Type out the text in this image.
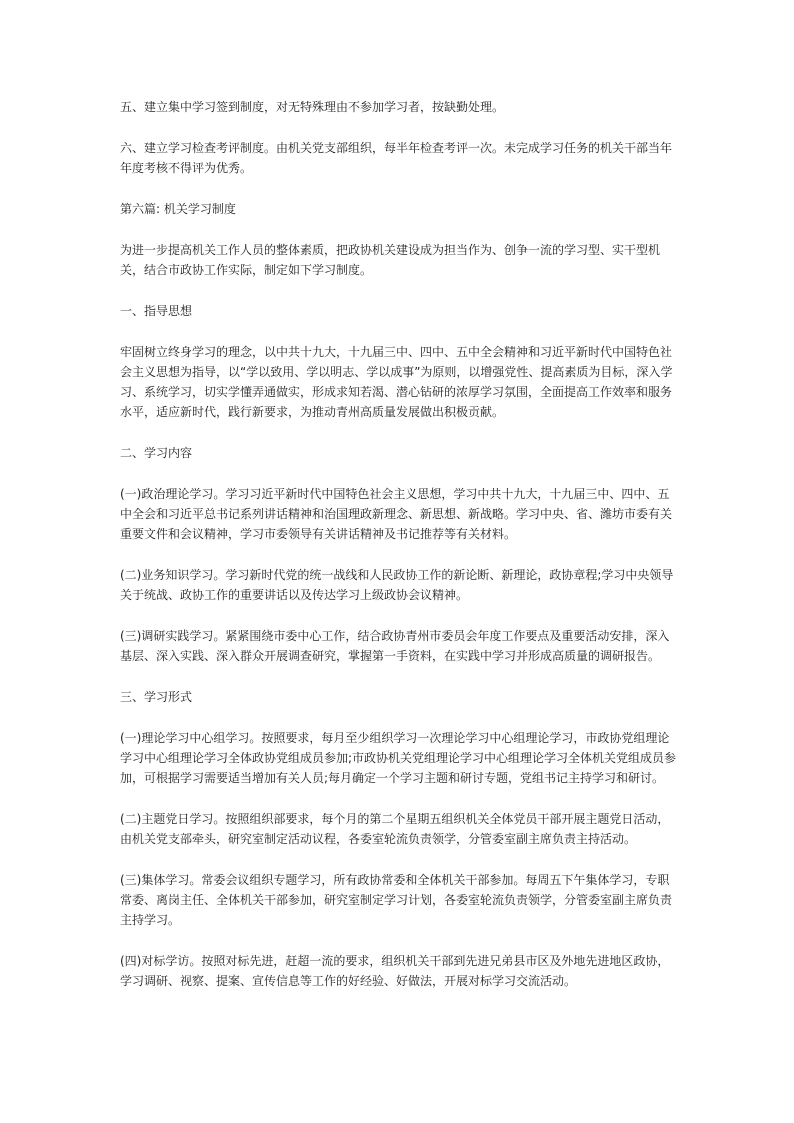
五、建立集中学习签到制度，对无特殊理由不参加学习者，按缺勤处理。

六、建立学习检查考评制度。由机关党支部组织，每半年检查考评一次。未完成学习任务的机关干部当年年度考核不得评为优秀。

第六篇: 机关学习制度

为进一步提高机关工作人员的整体素质，把政协机关建设成为担当作为、创争一流的学习型、实干型机关，结合市政协工作实际，制定如下学习制度。

一、指导思想

牢固树立终身学习的理念，以中共十九大，十九届三中、四中、五中全会精神和习近平新时代中国特色社会主义思想为指导，以“学以致用、学以明志、学以成事”为原则，以增强党性、提高素质为目标，深入学习、系统学习，切实学懂弄通做实，形成求知若渴、潜心钻研的浓厚学习氛围，全面提高工作效率和服务水平，适应新时代，践行新要求，为推动青州高质量发展做出积极贡献。

二、学习内容

(一)政治理论学习。学习习近平新时代中国特色社会主义思想，学习中共十九大，十九届三中、四中、五中全会和习近平总书记系列讲话精神和治国理政新理念、新思想、新战略。学习中央、省、潍坊市委有关重要文件和会议精神，学习市委领导有关讲话精神及书记推荐等有关材料。

(二)业务知识学习。学习新时代党的统一战线和人民政协工作的新论断、新理论，政协章程;学习中央领导关于统战、政协工作的重要讲话以及传达学习上级政协会议精神。

(三)调研实践学习。紧紧围绕市委中心工作，结合政协青州市委员会年度工作要点及重要活动安排，深入基层、深入实践、深入群众开展调查研究，掌握第一手资料，在实践中学习并形成高质量的调研报告。

三、学习形式

(一)理论学习中心组学习。按照要求，每月至少组织学习一次理论学习中心组理论学习，市政协党组理论学习中心组理论学习全体政协党组成员参加;市政协机关党组理论学习中心组理论学习全体机关党组成员参加，可根据学习需要适当增加有关人员;每月确定一个学习主题和研讨专题，党组书记主持学习和研讨。

(二)主题党日学习。按照组织部要求，每个月的第二个星期五组织机关全体党员干部开展主题党日活动，由机关党支部牵头，研究室制定活动议程，各委室轮流负责领学，分管委室副主席负责主持活动。

(三)集体学习。常委会议组织专题学习，所有政协常委和全体机关干部参加。每周五下午集体学习，专职常委、离岗主任、全体机关干部参加，研究室制定学习计划，各委室轮流负责领学，分管委室副主席负责主持学习。

(四)对标学访。按照对标先进，赶超一流的要求，组织机关干部到先进兄弟县市区及外地先进地区政协，学习调研、视察、提案、宣传信息等工作的好经验、好做法，开展对标学习交流活动。
